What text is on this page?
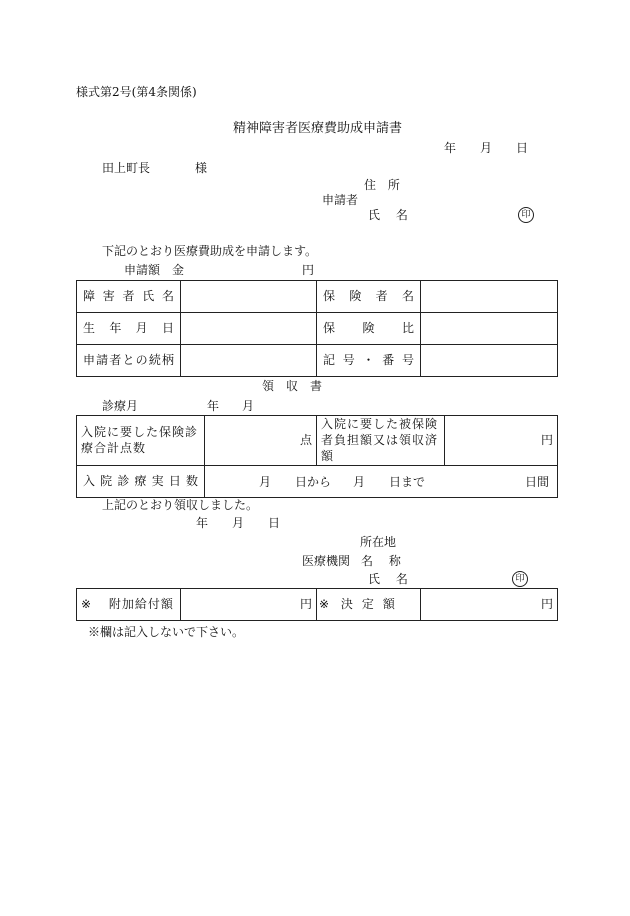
様式第2号(第4条関係)
精神障害者医療費助成申請書
年 月 日
田上町長	様
住 所
申請者
氏 名	印
下記のとおり医療費助成を申請します。
申請額　金	円
障害者氏名		保険者名	
生年月日		保険比	
申請者との続柄		記号・番号	
領　収　書
診療月	年 月
入院に要した保険診療合計点数	点	入院に要した被保険者負担額又は領収済額	円
入院診療実日数	月 日から 月 日まで 日間		
上記のとおり領収しました。
年 月 日
所在地
医療機関 名 称
氏 名	印
※ 附加給付額	円	※ 決定額	円
※欄は記入しないで下さい。
